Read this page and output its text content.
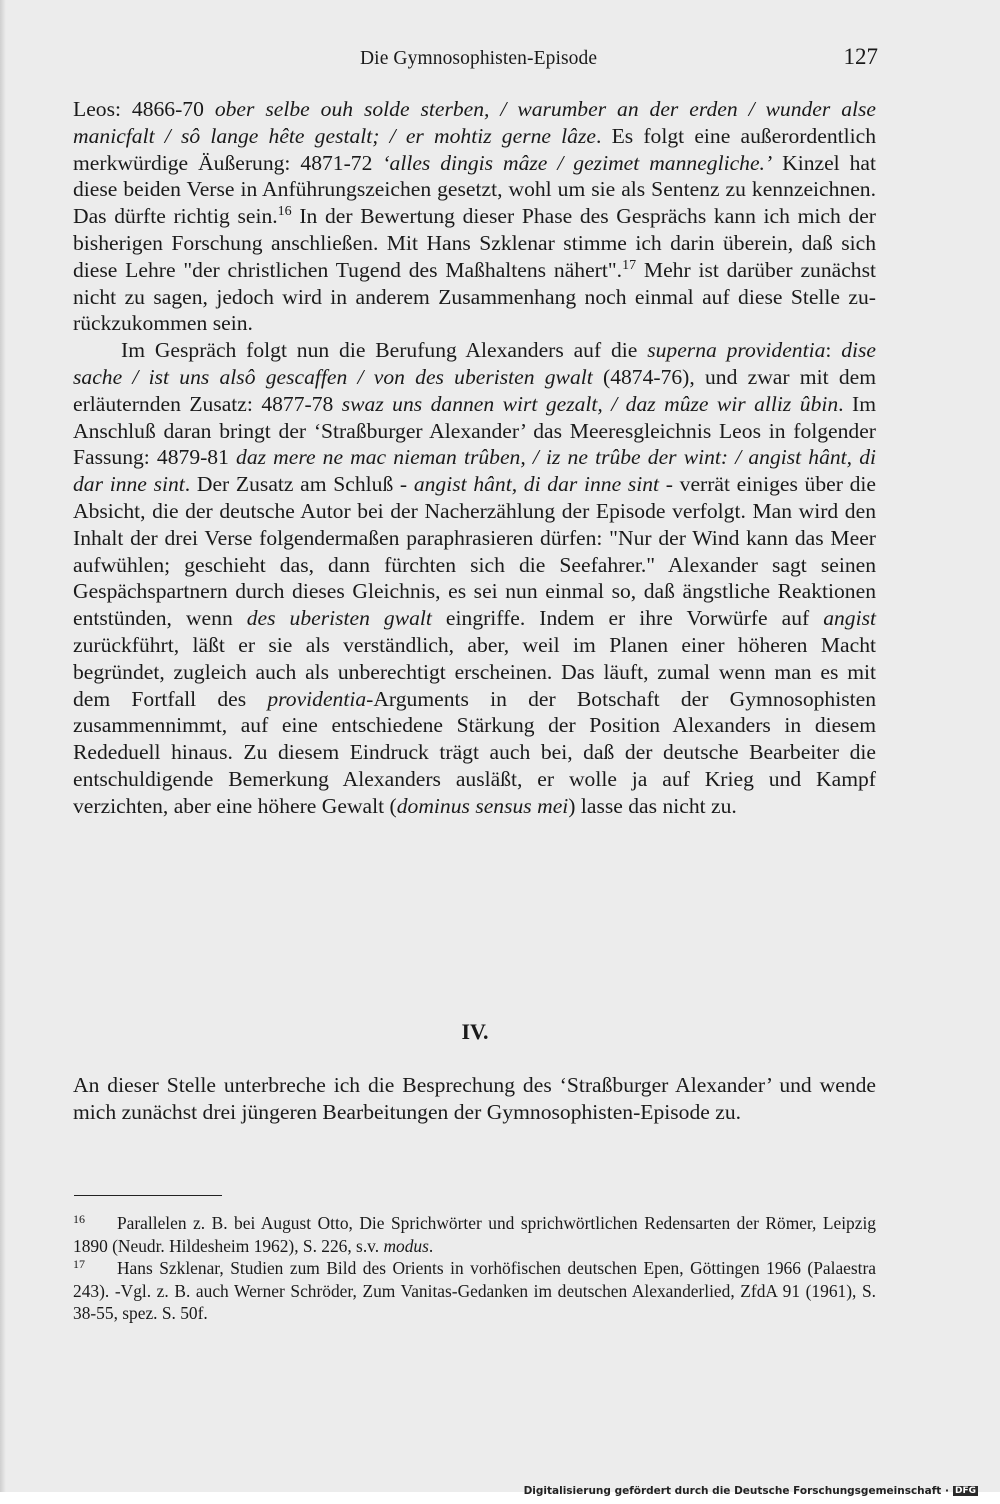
Die Gymnosophisten-Episode	127

Leos: 4866-70 ober selbe ouh solde sterben, / warumber an der erden / wunder alse manicfalt / sô lange hête gestalt; / er mohtiz gerne lâze. Es folgt eine außerordentlich merkwürdige Äußerung: 4871-72 ‘alles dingis mâze / gezimet mannegliche.’ Kinzel hat diese beiden Verse in Anführungszeichen gesetzt, wohl um sie als Sentenz zu kennzeichnen. Das dürfte richtig sein.$^{16}$ In der Bewertung dieser Phase des Gesprächs kann ich mich der bisherigen Forschung anschließen. Mit Hans Szklenar stimme ich darin überein, daß sich diese Lehre "der christlichen Tugend des Maßhaltens nähert".$^{17}$ Mehr ist darüber zunächst nicht zu sagen, jedoch wird in anderem Zusammenhang noch einmal auf diese Stelle zurückzukommen sein.

Im Gespräch folgt nun die Berufung Alexanders auf die superna providentia: dise sache / ist uns alsô gescaffen / von des uberisten gwalt (4874-76), und zwar mit dem erläuternden Zusatz: 4877-78 swaz uns dannen wirt gezalt, / daz mûze wir alliz ûbin. Im Anschluß daran bringt der ‘Straßburger Alexander’ das Meeresgleichnis Leos in folgender Fassung: 4879-81 daz mere ne mac nieman trûben, / iz ne trûbe der wint: / angist hânt, di dar inne sint. Der Zusatz am Schluß - angist hânt, di dar inne sint - verrät einiges über die Absicht, die der deutsche Autor bei der Nacherzählung der Episode verfolgt. Man wird den Inhalt der drei Verse folgendermaßen paraphrasieren dürfen: "Nur der Wind kann das Meer aufwühlen; geschieht das, dann fürchten sich die Seefahrer." Alexander sagt seinen Gespächspartnern durch dieses Gleichnis, es sei nun einmal so, daß ängstliche Reaktionen entstünden, wenn des uberisten gwalt eingriffe. Indem er ihre Vorwürfe auf angist zurückführt, läßt er sie als verständlich, aber, weil im Planen einer höheren Macht begründet, zugleich auch als unberechtigt erscheinen. Das läuft, zumal wenn man es mit dem Fortfall des providentia-Arguments in der Botschaft der Gymnosophisten zusammennimmt, auf eine entschiedene Stärkung der Position Alexanders in diesem Rededuell hinaus. Zu diesem Eindruck trägt auch bei, daß der deutsche Bearbeiter die entschuldigende Bemerkung Alexanders ausläßt, er wolle ja auf Krieg und Kampf verzichten, aber eine höhere Gewalt (dominus sensus mei) lasse das nicht zu.

IV.

An dieser Stelle unterbreche ich die Besprechung des ‘Straßburger Alexander’ und wende mich zunächst drei jüngeren Bearbeitungen der Gymnosophisten-Episode zu.

16 Parallelen z. B. bei August Otto, Die Sprichwörter und sprichwörtlichen Redensarten der Römer, Leipzig 1890 (Neudr. Hildesheim 1962), S. 226, s.v. modus.

17 Hans Szklenar, Studien zum Bild des Orients in vorhöfischen deutschen Epen, Göttingen 1966 (Palaestra 243). -Vgl. z. B. auch Werner Schröder, Zum Vanitas-Gedanken im deutschen Alexanderlied, ZfdA 91 (1961), S. 38-55, spez. S. 50f.

Digitalisierung gefördert durch die Deutsche Forschungsgemeinschaft · DFG
